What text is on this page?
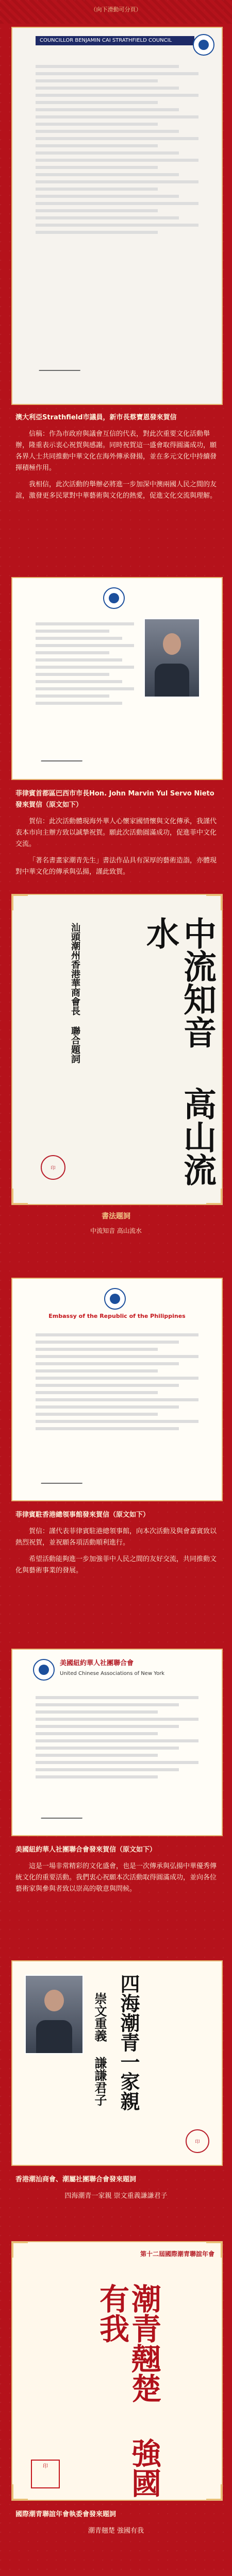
（向下滑動可分頁）
COUNCILLOR BENJAMIN CAI STRATHFIELD COUNCIL

澳大利亞Strathfield市議員，新市長蔡寶恩發來賀信

信稿：作為市政府與議會互信的代表，對此次重要文化活動舉辦，隆重表示衷心祝賀與感謝。同時祝賀這一盛會取得圓滿成功，願各界人士共同推動中華文化在海外傳承發揚，並在多元文化中持續發揮積極作用。

我相信，此次活動的舉辦必將進一步加深中澳兩國人民之間的友誼，激發更多民眾對中華藝術與文化的熱愛，促進文化交流與理解。

菲律賓首都區巴西市市長Hon. John Marvin Yul Servo Nieto發來賀信（原文如下）

賀信：此次活動體現海外華人心懷家國情懷與文化傳承，我謹代表本市向主辦方致以誠摯祝賀。願此次活動圓滿成功，促進菲中文化交流。

「著名書畫家潮青先生」書法作品具有深厚的藝術造詣，亦體現對中華文化的傳承與弘揚，謹此致賀。

中流知音 高山流水
汕頭潮州香港華商會長 聯合題詞
印
書法題詞
中流知音 高山流水
Embassy of the Republic of the Philippines

菲律賓駐香港總領事館發來賀信（原文如下）

賀信：謹代表菲律賓駐港總領事館，向本次活動及與會嘉賓致以熱烈祝賀，並祝願各項活動順利進行。

希望活動能夠進一步加強菲中人民之間的友好交流，共同推動文化與藝術事業的發展。

美國紐約華人社團聯合會
United Chinese Associations of New York

美國紐約華人社團聯合會發來賀信（原文如下）

這是一場非常精彩的文化盛會，也是一次傳承與弘揚中華優秀傳統文化的重要活動。我們衷心祝願本次活動取得圓滿成功，並向各位藝術家與參與者致以崇高的敬意與問候。

四海潮青一家親
崇文重義 謙謙君子
印

香港潮汕商會、潮屬社團聯合會發來題詞

四海潮青一家親 崇文重義謙謙君子

第十二屆國際潮青聯誼年會
潮青翹楚 強國有我
印

國際潮青聯誼年會執委會發來題詞

潮青翹楚 強國有我
